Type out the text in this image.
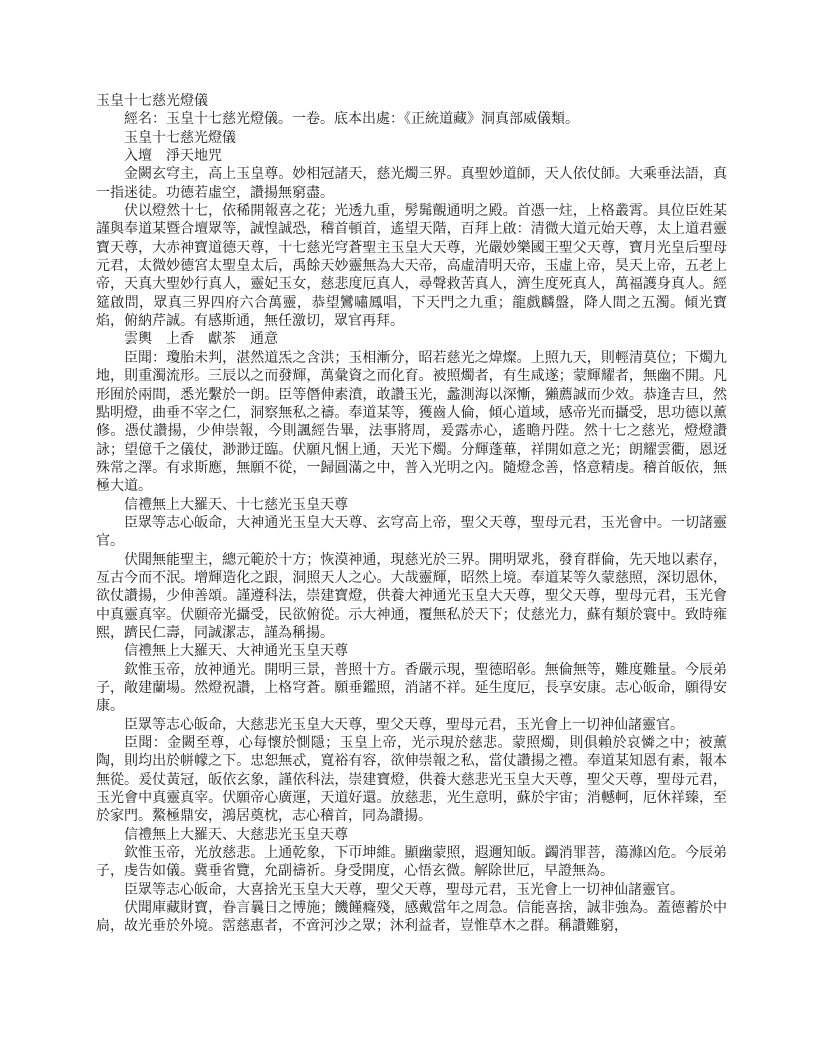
玉皇十七慈光燈儀

經名：玉皇十七慈光燈儀。一卷。底本出處：《正統道藏》洞真部威儀類。

玉皇十七慈光燈儀

入壇　淨天地咒

金闕玄穹主，高上玉皇尊。妙相冠諸天，慈光燭三界。真聖妙道師，天人依仗師。大乘垂法語，真一指迷徒。功德若虛空，讚揚無窮盡。

伏以燈然十七，依稀開報喜之花；光透九重，髣髴覿通明之殿。首憑一炷，上格叢霄。具位臣姓某謹與奉道某暨合壇眾等，誠惶誠恐，稽首頓首，遙望天階，百拜上啟：清微大道元始天尊，太上道君靈寶天尊，大赤神寶道德天尊，十七慈光穹蒼聖主玉皇大天尊，光嚴妙樂國王聖父天尊，寶月光皇后聖母元君，太微妙德宮太聖皇太后，禹餘天妙靈無為大天帝，高虛清明天帝，玉虛上帝，昊天上帝，五老上帝，天真大聖妙行真人，靈妃玉女，慈悲度厄真人，尋聲救苦真人，濟生度死真人，萬福護身真人。經筵啟問，眾真三界四府六合萬靈，恭望鸞嘯鳳唱，下天門之九重；龍戲麟盤，降人間之五濁。傾光寶焰，俯納芹誠。有感斯通，無任激切，眾官再拜。

雲輿　上香　獻茶　通意

臣聞：瓊胎未判，湛然道炁之含洪；玉相漸分，昭若慈光之煒燦。上照九天，則輕清莫位；下燭九地，則重濁流形。三辰以之而發輝，萬彙資之而化育。被照燭者，有生咸遂；蒙輝耀者，無幽不開。凡形囿於兩間，悉光繫於一朗。臣等僭伸素濆，敢讚玉光，蠡測海以深慚，獺薦誠而少效。恭逢吉旦，然點明燈，曲垂不宰之仁，洞察無私之禱。奉道某等，獲齒人倫，傾心道域，感帝光而攝受，思功德以薰修。憑仗讚揚，少伸崇報，今則諷經告畢，法事將周，爰露赤心，遙瞻丹陛。然十七之慈光，燈燈讚詠；望億千之儀仗，渺渺迂臨。伏願凡悃上通，天光下燭。分輝蓬蓽，祥開如意之光；朗耀雲衢，恩迓殊常之澤。有求斯應，無願不從，一歸圓滿之中，普入光明之內。隨燈念善，恪意精虔。稽首皈依，無極大道。

信禮無上大羅天、十七慈光玉皇天尊

臣眾等志心皈命，大神通光玉皇大天尊、玄穹高上帝，聖父天尊，聖母元君，玉光會中。一切諸靈官。

伏聞無能聖主，總元範於十方；恢漠神通，現慈光於三界。開明眾兆，發育群倫，先天地以素存，亙古今而不泯。增輝造化之跟，洞照天人之心。大哉靈輝，昭然上境。奉道某等久蒙慈照，深切恩休，欲仗讚揚，少伸善頌。謹遵科法，崇建寶燈，供養大神通光玉皇大天尊，聖父天尊，聖母元君，玉光會中真靈真宰。伏願帝光攝受，民欲俯從。示大神通，覆無私於天下；仗慈光力，蘇有類於寰中。致時雍熙，躋民仁壽，同誠潔志，謹為稱揚。

信禮無上大羅天、大神通光玉皇天尊

欽惟玉帝，放神通光。開明三景，普照十方。香嚴示現，聖德昭彰。無倫無等，難度難量。今辰弟子，敞建蘭場。然燈祝讚，上格穹蒼。願垂鑑照，消諸不祥。延生度厄，長享安康。志心皈命，願得安康。

臣眾等志心皈命，大慈悲光玉皇大天尊，聖父天尊，聖母元君，玉光會上一切神仙諸靈官。

臣聞：金闕至尊，心每懷於惻隱；玉皇上帝，光示現於慈悲。蒙照燭，則俱賴於哀憐之中；被薰陶，則均出於帡幪之下。忠恕無忒，寬裕有容，欲伸崇報之私，當仗讚揚之禮。奉道某知恩有素，報本無從。爰仗黃冠，皈依玄象，謹依科法，崇建寶燈，供養大慈悲光玉皇大天尊，聖父天尊，聖母元君，玉光會中真靈真宰。伏願帝心廣運，天道好還。放慈悲，光生意明，蘇於宇宙；消轗軻，厄休祥臻，至於家門。鰲極鼎安，鴻居奠枕，志心稽首，同為讚揚。

信禮無上大羅天、大慈悲光玉皇天尊

欽惟玉帝，光放慈悲。上通乾象，下帀坤維。顯幽蒙照，遐邇知皈。蠲消罪菩，蕩滌凶危。今辰弟子，虔告如儀。冀垂省覽，允副禱祈。身受開度，心悟玄微。解除世厄，早證無為。

臣眾等志心皈命，大喜捨光玉皇大天尊，聖父天尊，聖母元君，玉光會上一切神仙諸靈官。

伏聞庫藏財寶，眷言曩日之博施；饑饉癃殘，感戴當年之周急。信能喜捨，誠非強為。蓋德蓄於中扃，故光垂於外境。霑慈惠者，不啻河沙之眾；沐利益者，豈惟草木之群。稱讚難窮，
